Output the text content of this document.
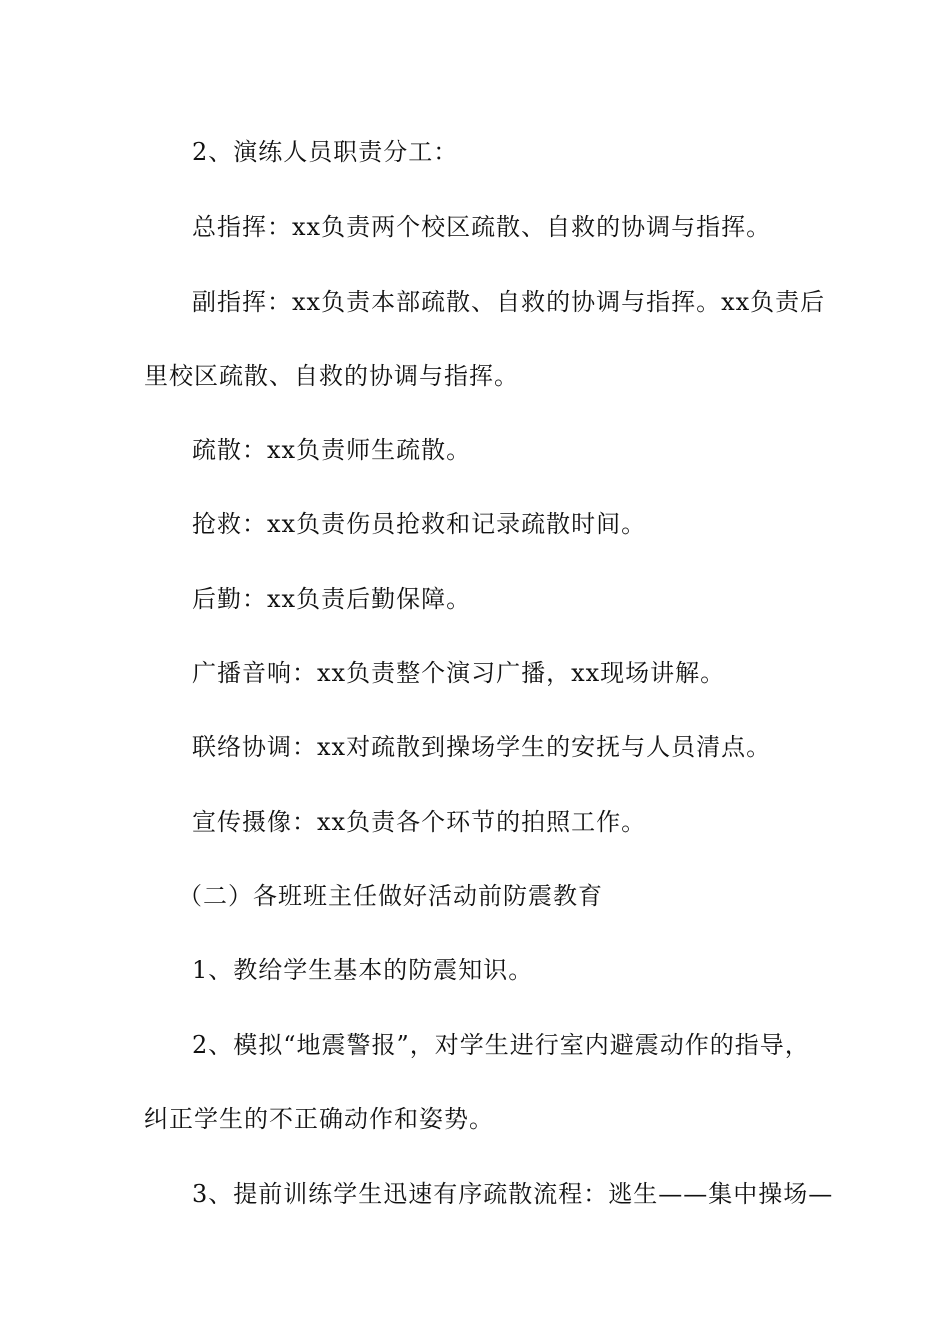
2、演练人员职责分工：
总指挥：xx负责两个校区疏散、自救的协调与指挥。
副指挥：xx负责本部疏散、自救的协调与指挥。xx负责后
里校区疏散、自救的协调与指挥。
疏散：xx负责师生疏散。
抢救：xx负责伤员抢救和记录疏散时间。
后勤：xx负责后勤保障。
广播音响：xx负责整个演习广播，xx现场讲解。
联络协调：xx对疏散到操场学生的安抚与人员清点。
宣传摄像：xx负责各个环节的拍照工作。
（二）各班班主任做好活动前防震教育
1、教给学生基本的防震知识。
2、模拟“地震警报”，对学生进行室内避震动作的指导，
纠正学生的不正确动作和姿势。
3、提前训练学生迅速有序疏散流程：逃生——集中操场—
